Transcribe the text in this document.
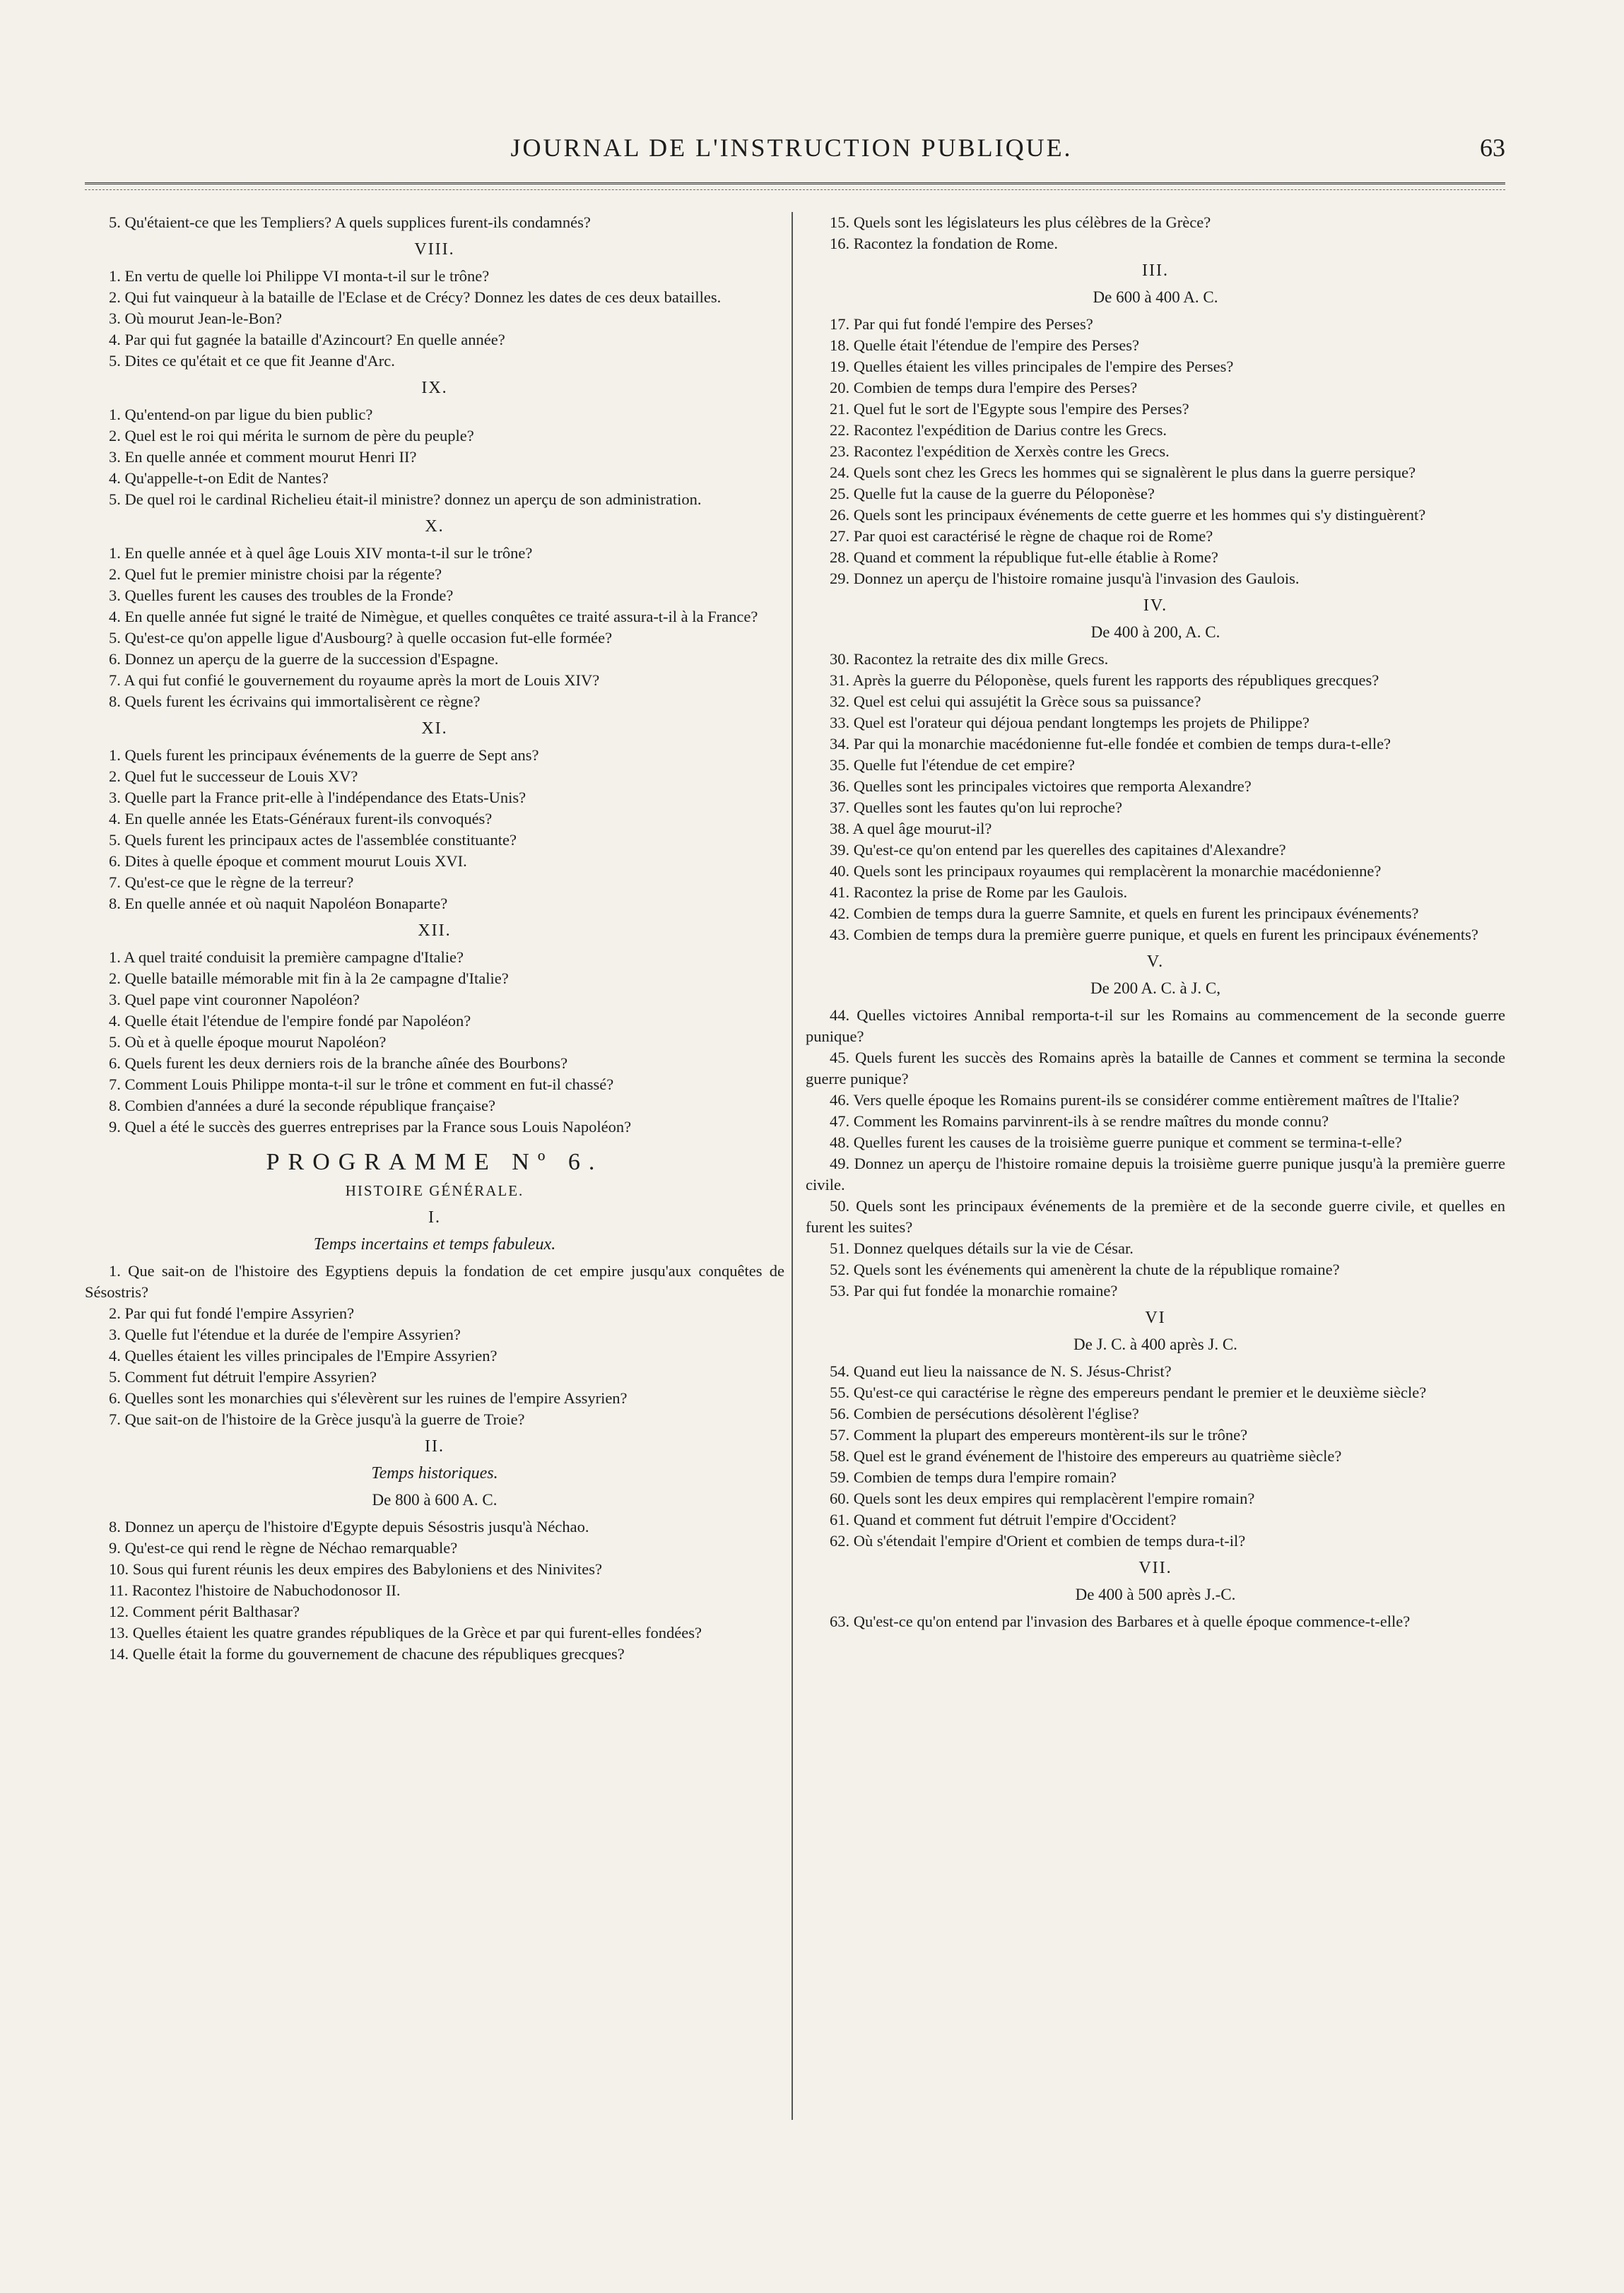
JOURNAL DE L'INSTRUCTION PUBLIQUE.	63

5. Qu'étaient-ce que les Templiers? A quels supplices furent-ils condamnés?

VIII.

1. En vertu de quelle loi Philippe VI monta-t-il sur le trône?

2. Qui fut vainqueur à la bataille de l'Eclase et de Crécy? Donnez les dates de ces deux batailles.

3. Où mourut Jean-le-Bon?

4. Par qui fut gagnée la bataille d'Azincourt? En quelle année?

5. Dites ce qu'était et ce que fit Jeanne d'Arc.

IX.

1. Qu'entend-on par ligue du bien public?

2. Quel est le roi qui mérita le surnom de père du peuple?

3. En quelle année et comment mourut Henri II?

4. Qu'appelle-t-on Edit de Nantes?

5. De quel roi le cardinal Richelieu était-il ministre? donnez un aperçu de son administration.

X.

1. En quelle année et à quel âge Louis XIV monta-t-il sur le trône?

2. Quel fut le premier ministre choisi par la régente?

3. Quelles furent les causes des troubles de la Fronde?

4. En quelle année fut signé le traité de Nimègue, et quelles conquêtes ce traité assura-t-il à la France?

5. Qu'est-ce qu'on appelle ligue d'Ausbourg? à quelle occasion fut-elle formée?

6. Donnez un aperçu de la guerre de la succession d'Espagne.

7. A qui fut confié le gouvernement du royaume après la mort de Louis XIV?

8. Quels furent les écrivains qui immortalisèrent ce règne?

XI.

1. Quels furent les principaux événements de la guerre de Sept ans?

2. Quel fut le successeur de Louis XV?

3. Quelle part la France prit-elle à l'indépendance des Etats-Unis?

4. En quelle année les Etats-Généraux furent-ils convoqués?

5. Quels furent les principaux actes de l'assemblée constituante?

6. Dites à quelle époque et comment mourut Louis XVI.

7. Qu'est-ce que le règne de la terreur?

8. En quelle année et où naquit Napoléon Bonaparte?

XII.

1. A quel traité conduisit la première campagne d'Italie?

2. Quelle bataille mémorable mit fin à la 2e campagne d'Italie?

3. Quel pape vint couronner Napoléon?

4. Quelle était l'étendue de l'empire fondé par Napoléon?

5. Où et à quelle époque mourut Napoléon?

6. Quels furent les deux derniers rois de la branche aînée des Bourbons?

7. Comment Louis Philippe monta-t-il sur le trône et comment en fut-il chassé?

8. Combien d'années a duré la seconde république française?

9. Quel a été le succès des guerres entreprises par la France sous Louis Napoléon?

PROGRAMME Nº 6.

HISTOIRE GÉNÉRALE.

I.

Temps incertains et temps fabuleux.

1. Que sait-on de l'histoire des Egyptiens depuis la fondation de cet empire jusqu'aux conquêtes de Sésostris?

2. Par qui fut fondé l'empire Assyrien?

3. Quelle fut l'étendue et la durée de l'empire Assyrien?

4. Quelles étaient les villes principales de l'Empire Assyrien?

5. Comment fut détruit l'empire Assyrien?

6. Quelles sont les monarchies qui s'élevèrent sur les ruines de l'empire Assyrien?

7. Que sait-on de l'histoire de la Grèce jusqu'à la guerre de Troie?

II.

Temps historiques.

De 800 à 600 A. C.

8. Donnez un aperçu de l'histoire d'Egypte depuis Sésostris jusqu'à Néchao.

9. Qu'est-ce qui rend le règne de Néchao remarquable?

10. Sous qui furent réunis les deux empires des Babyloniens et des Ninivites?

11. Racontez l'histoire de Nabuchodonosor II.

12. Comment périt Balthasar?

13. Quelles étaient les quatre grandes républiques de la Grèce et par qui furent-elles fondées?

14. Quelle était la forme du gouvernement de chacune des républiques grecques?

15. Quels sont les législateurs les plus célèbres de la Grèce?

16. Racontez la fondation de Rome.

III.

De 600 à 400 A. C.

17. Par qui fut fondé l'empire des Perses?

18. Quelle était l'étendue de l'empire des Perses?

19. Quelles étaient les villes principales de l'empire des Perses?

20. Combien de temps dura l'empire des Perses?

21. Quel fut le sort de l'Egypte sous l'empire des Perses?

22. Racontez l'expédition de Darius contre les Grecs.

23. Racontez l'expédition de Xerxès contre les Grecs.

24. Quels sont chez les Grecs les hommes qui se signalèrent le plus dans la guerre persique?

25. Quelle fut la cause de la guerre du Péloponèse?

26. Quels sont les principaux événements de cette guerre et les hommes qui s'y distinguèrent?

27. Par quoi est caractérisé le règne de chaque roi de Rome?

28. Quand et comment la république fut-elle établie à Rome?

29. Donnez un aperçu de l'histoire romaine jusqu'à l'invasion des Gaulois.

IV.

De 400 à 200, A. C.

30. Racontez la retraite des dix mille Grecs.

31. Après la guerre du Péloponèse, quels furent les rapports des républiques grecques?

32. Quel est celui qui assujétit la Grèce sous sa puissance?

33. Quel est l'orateur qui déjoua pendant longtemps les projets de Philippe?

34. Par qui la monarchie macédonienne fut-elle fondée et combien de temps dura-t-elle?

35. Quelle fut l'étendue de cet empire?

36. Quelles sont les principales victoires que remporta Alexandre?

37. Quelles sont les fautes qu'on lui reproche?

38. A quel âge mourut-il?

39. Qu'est-ce qu'on entend par les querelles des capitaines d'Alexandre?

40. Quels sont les principaux royaumes qui remplacèrent la monarchie macédonienne?

41. Racontez la prise de Rome par les Gaulois.

42. Combien de temps dura la guerre Samnite, et quels en furent les principaux événements?

43. Combien de temps dura la première guerre punique, et quels en furent les principaux événements?

V.

De 200 A. C. à J. C,

44. Quelles victoires Annibal remporta-t-il sur les Romains au commencement de la seconde guerre punique?

45. Quels furent les succès des Romains après la bataille de Cannes et comment se termina la seconde guerre punique?

46. Vers quelle époque les Romains purent-ils se considérer comme entièrement maîtres de l'Italie?

47. Comment les Romains parvinrent-ils à se rendre maîtres du monde connu?

48. Quelles furent les causes de la troisième guerre punique et comment se termina-t-elle?

49. Donnez un aperçu de l'histoire romaine depuis la troisième guerre punique jusqu'à la première guerre civile.

50. Quels sont les principaux événements de la première et de la seconde guerre civile, et quelles en furent les suites?

51. Donnez quelques détails sur la vie de César.

52. Quels sont les événements qui amenèrent la chute de la république romaine?

53. Par qui fut fondée la monarchie romaine?

VI

De J. C. à 400 après J. C.

54. Quand eut lieu la naissance de N. S. Jésus-Christ?

55. Qu'est-ce qui caractérise le règne des empereurs pendant le premier et le deuxième siècle?

56. Combien de persécutions désolèrent l'église?

57. Comment la plupart des empereurs montèrent-ils sur le trône?

58. Quel est le grand événement de l'histoire des empereurs au quatrième siècle?

59. Combien de temps dura l'empire romain?

60. Quels sont les deux empires qui remplacèrent l'empire romain?

61. Quand et comment fut détruit l'empire d'Occident?

62. Où s'étendait l'empire d'Orient et combien de temps dura-t-il?

VII.

De 400 à 500 après J.-C.

63. Qu'est-ce qu'on entend par l'invasion des Barbares et à quelle époque commence-t-elle?
